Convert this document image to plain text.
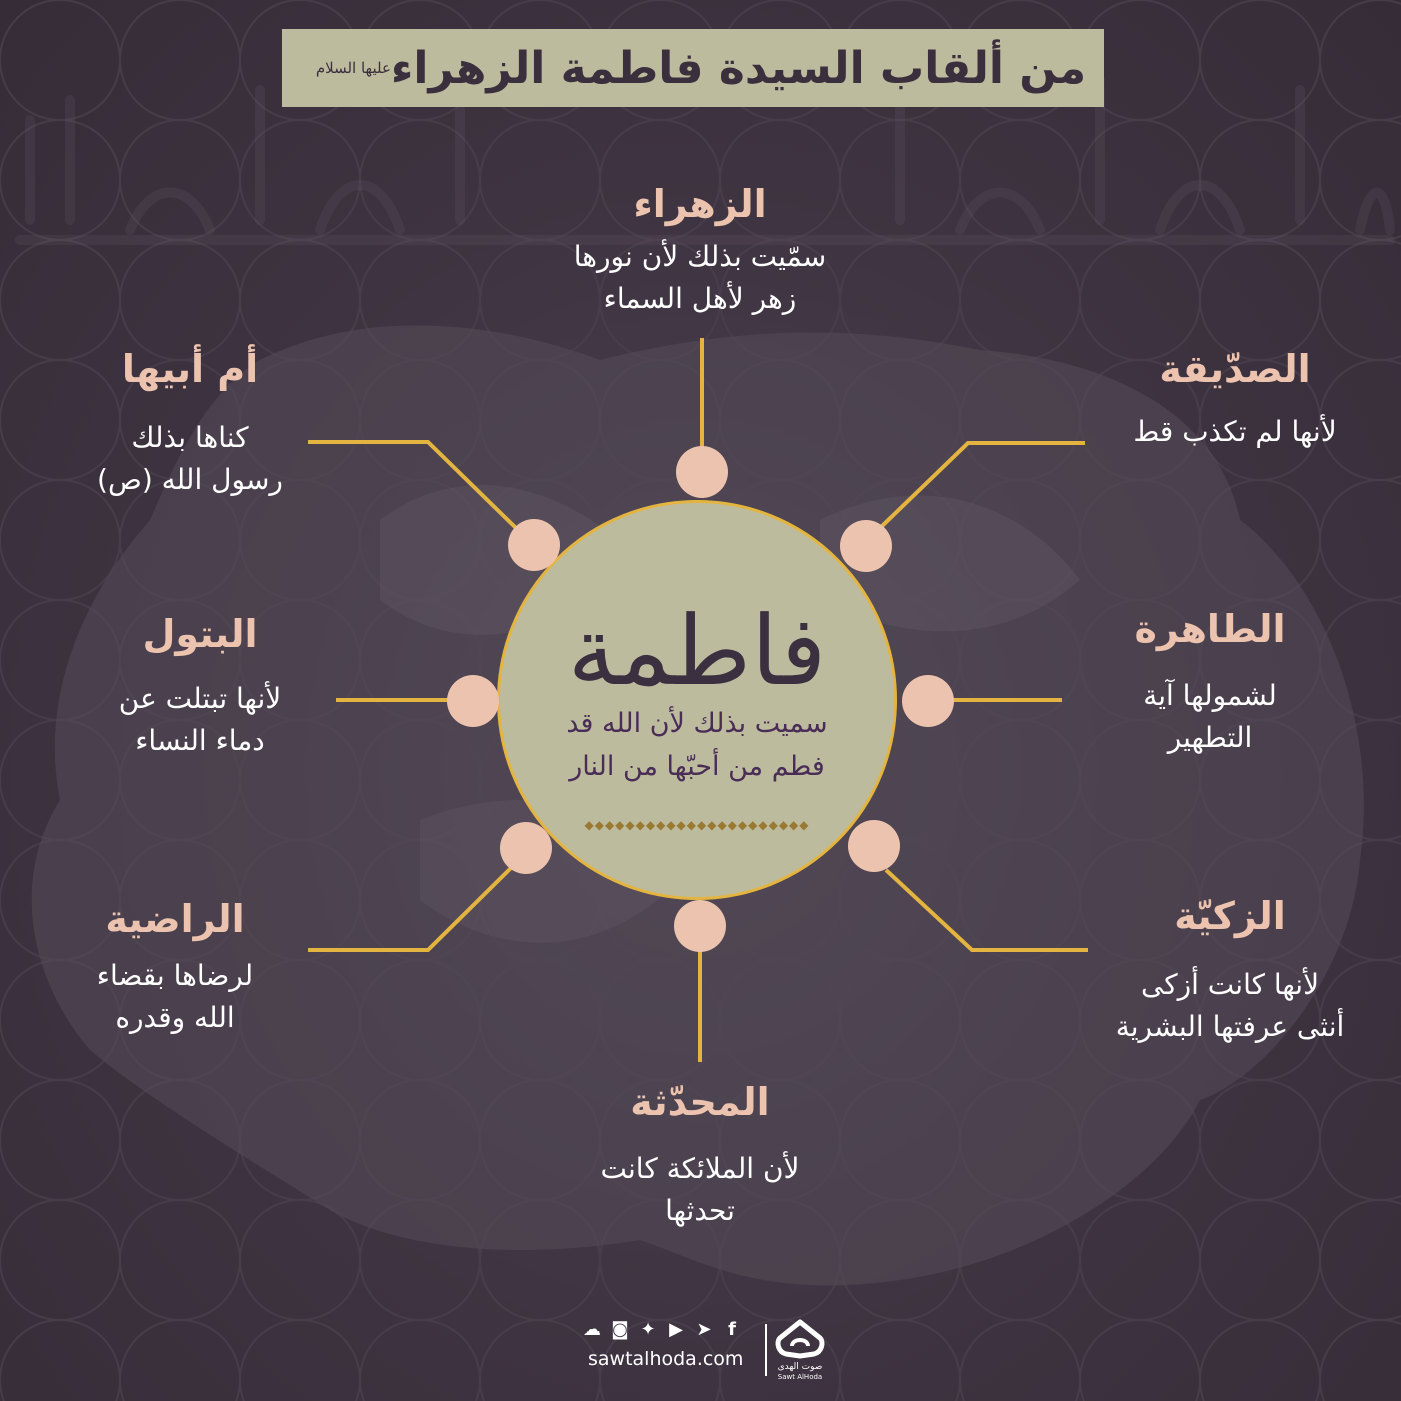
عليها السلام من ألقاب السيدة فاطمة الزهراء
فاطمة
سميت بذلك لأن الله قد
فطم من أحبّها من النار
◆◆◆◆◆◆◆◆◆◆◆◆◆◆◆◆◆◆◆◆◆◆
الزهراء
سمّيت بذلك لأن نورها
زهر لأهل السماء
الصدّيقة
لأنها لم تكذب قط
الطاهرة
لشمولها آية
التطهير
الزكيّة
لأنها كانت أزكى
أنثى عرفتها البشرية
المحدّثة
لأن الملائكة كانت
تحدثها
الراضية
لرضاها بقضاء
الله وقدره
البتول
لأنها تبتلت عن
دماء النساء
أم أبيها
كناها بذلك
رسول الله (ص)
☁ ◙ ✦ ▶ ➤ f
sawtalhoda.com	صوت الهدى
Sawt AlHoda
